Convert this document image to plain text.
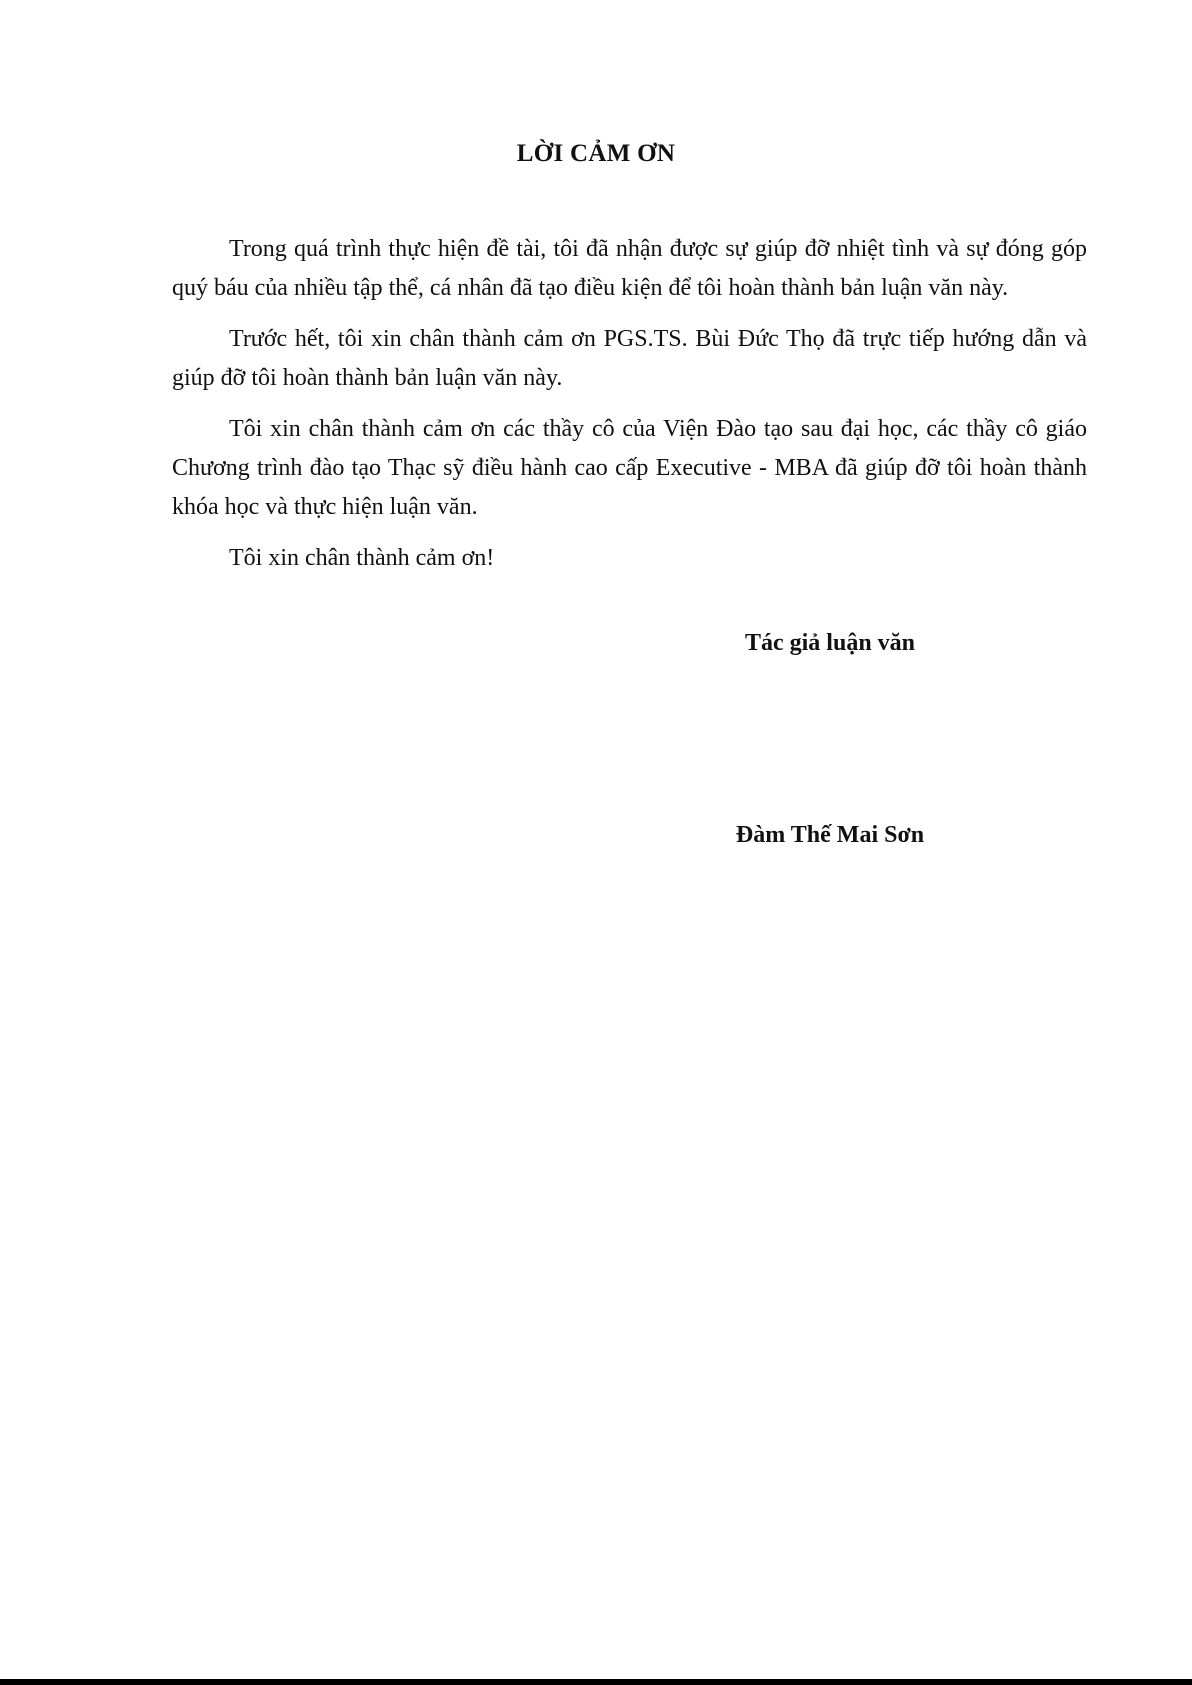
LỜI CẢM ƠN

Trong quá trình thực hiện đề tài, tôi đã nhận được sự giúp đỡ nhiệt tình và sự đóng góp quý báu của nhiều tập thể, cá nhân đã tạo điều kiện để tôi hoàn thành bản luận văn này.

Trước hết, tôi xin chân thành cảm ơn PGS.TS. Bùi Đức Thọ đã trực tiếp hướng dẫn và giúp đỡ tôi hoàn thành bản luận văn này.

Tôi xin chân thành cảm ơn các thầy cô của Viện Đào tạo sau đại học, các thầy cô giáo Chương trình đào tạo Thạc sỹ điều hành cao cấp Executive - MBA đã giúp đỡ tôi hoàn thành khóa học và thực hiện luận văn.

Tôi xin chân thành cảm ơn!

Tác giả luận văn
Đàm Thế Mai Sơn
